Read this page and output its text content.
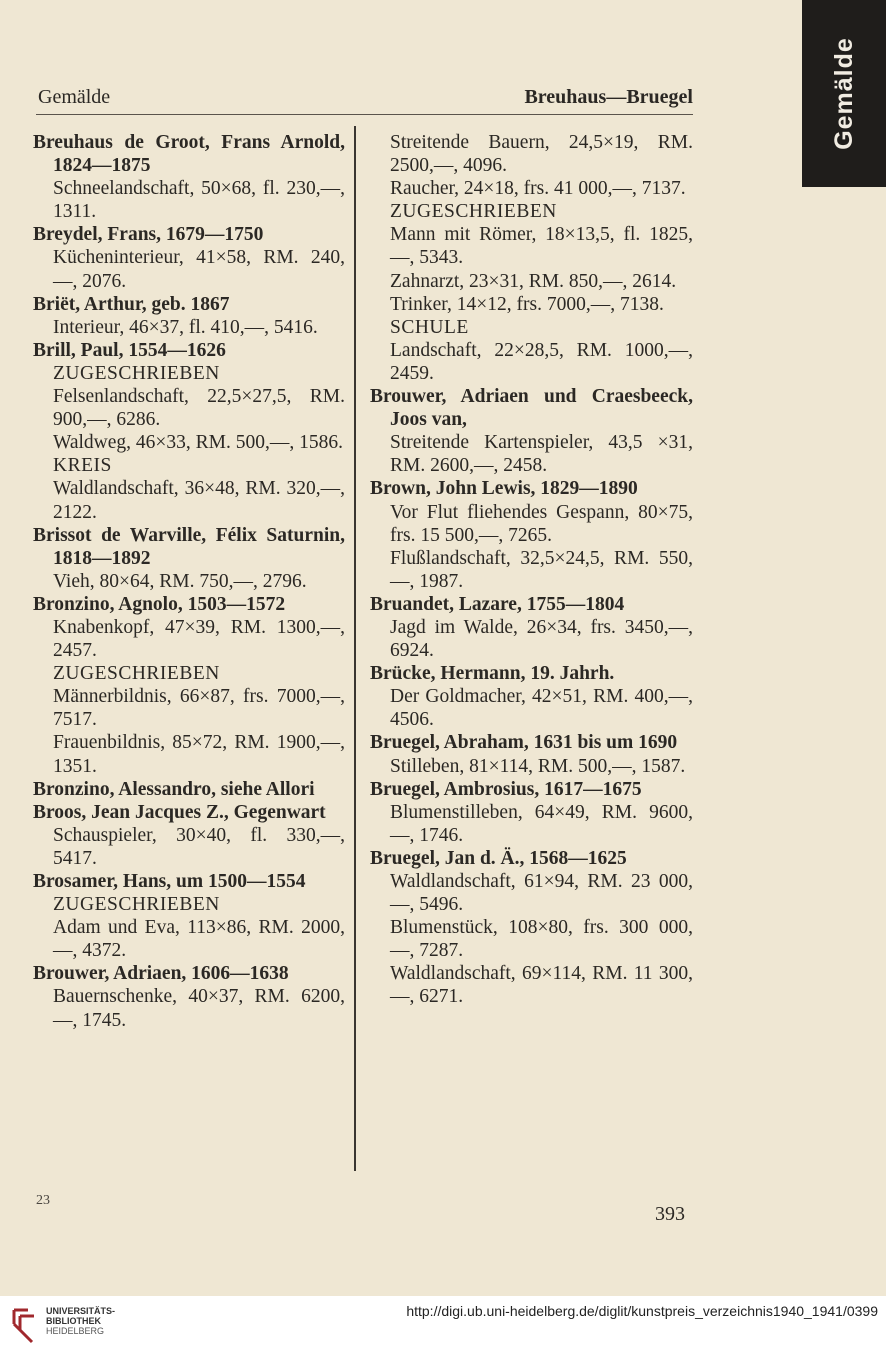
Gemälde
Gemälde	Breuhaus—Bruegel
Breuhaus de Groot, Frans Arnold, 1824—1875
Schneelandschaft, 50×68, fl. 230,—, 1311.
Breydel, Frans, 1679—1750
Kücheninterieur, 41×58, RM. 240,—, 2076.
Briët, Arthur, geb. 1867
Interieur, 46×37, fl. 410,—, 5416.
Brill, Paul, 1554—1626
ZUGESCHRIEBEN
Felsenlandschaft, 22,5×27,5, RM. 900,—, 6286.
Waldweg, 46×33, RM. 500,—, 1586.
KREIS
Waldlandschaft, 36×48, RM. 320,—, 2122.
Brissot de Warville, Félix Saturnin, 1818—1892
Vieh, 80×64, RM. 750,—, 2796.
Bronzino, Agnolo, 1503—1572
Knabenkopf, 47×39, RM. 1300,—, 2457.
ZUGESCHRIEBEN
Männerbildnis, 66×87, frs. 7000,—, 7517.
Frauenbildnis, 85×72, RM. 1900,—, 1351.
Bronzino, Alessandro, siehe Allori
Broos, Jean Jacques Z., Gegenwart
Schauspieler, 30×40, fl. 330,—, 5417.
Brosamer, Hans, um 1500—1554
ZUGESCHRIEBEN
Adam und Eva, 113×86, RM. 2000,—, 4372.
Brouwer, Adriaen, 1606—1638
Bauernschenke, 40×37, RM. 6200,—, 1745.
Streitende Bauern, 24,5×19, RM. 2500,—, 4096.
Raucher, 24×18, frs. 41 000,—, 7137.
ZUGESCHRIEBEN
Mann mit Römer, 18×13,5, fl. 1825,—, 5343.
Zahnarzt, 23×31, RM. 850,—, 2614.
Trinker, 14×12, frs. 7000,—, 7138.
SCHULE
Landschaft, 22×28,5, RM. 1000,—, 2459.
Brouwer, Adriaen und Craesbeeck, Joos van,
Streitende Kartenspieler, 43,5 ×31, RM. 2600,—, 2458.
Brown, John Lewis, 1829—1890
Vor Flut fliehendes Gespann, 80×75, frs. 15 500,—, 7265.
Flußlandschaft, 32,5×24,5, RM. 550,—, 1987.
Bruandet, Lazare, 1755—1804
Jagd im Walde, 26×34, frs. 3450,—, 6924.
Brücke, Hermann, 19. Jahrh.
Der Goldmacher, 42×51, RM. 400,—, 4506.
Bruegel, Abraham, 1631 bis um 1690
Stilleben, 81×114, RM. 500,—, 1587.
Bruegel, Ambrosius, 1617—1675
Blumenstilleben, 64×49, RM. 9600,—, 1746.
Bruegel, Jan d. Ä., 1568—1625
Waldlandschaft, 61×94, RM. 23 000,—, 5496.
Blumenstück, 108×80, frs. 300 000,—, 7287.
Waldlandschaft, 69×114, RM. 11 300,—, 6271.
23
393
UNIVERSITÄTS-
BIBLIOTHEK
HEIDELBERG
http://digi.ub.uni-heidelberg.de/diglit/kunstpreis_verzeichnis1940_1941/0399
